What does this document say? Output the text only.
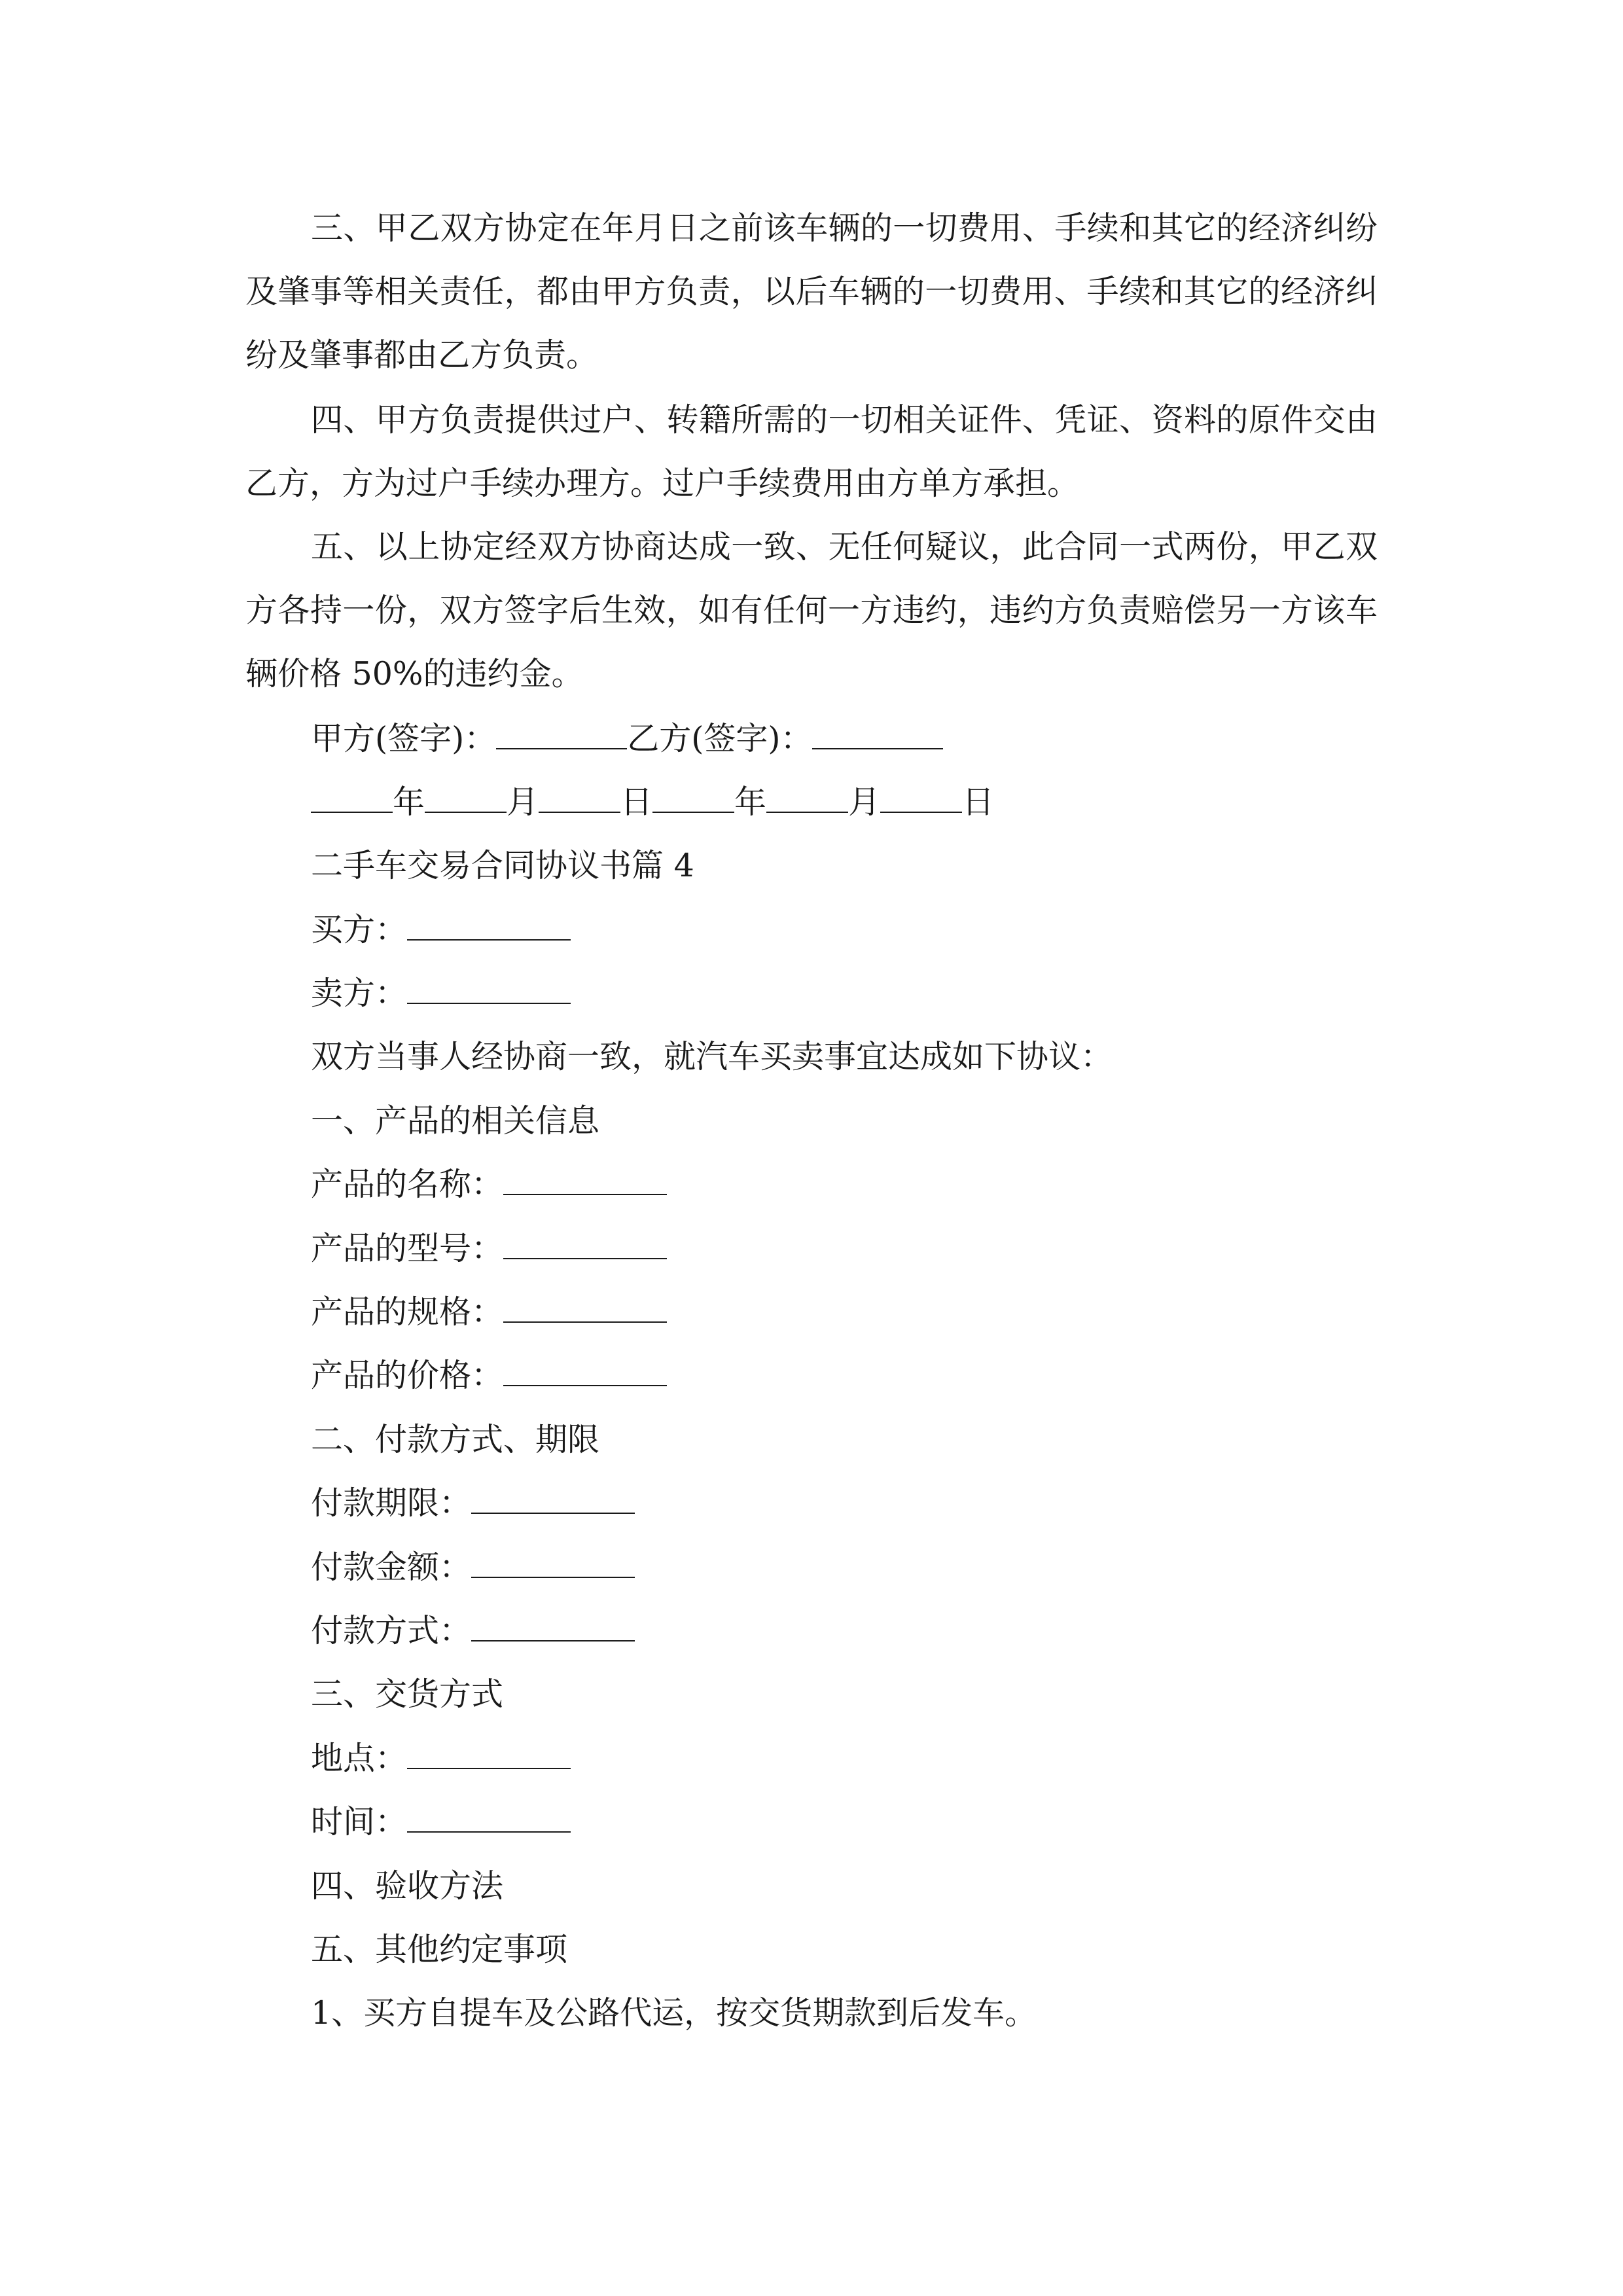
三、甲乙双方协定在年月日之前该车辆的一切费用、手续和其它的经济纠纷及肇事等相关责任，都由甲方负责，以后车辆的一切费用、手续和其它的经济纠纷及肇事都由乙方负责。

四、甲方负责提供过户、转籍所需的一切相关证件、凭证、资料的原件交由乙方，方为过户手续办理方。过户手续费用由方单方承担。

五、以上协定经双方协商达成一致、无任何疑议，此合同一式两份，甲乙双方各持一份，双方签字后生效，如有任何一方违约，违约方负责赔偿另一方该车辆价格 50%的违约金。

甲方(签字)：	乙方(签字)：

年	月	日	年	月	日

二手车交易合同协议书篇 4

买方：

卖方：

双方当事人经协商一致，就汽车买卖事宜达成如下协议：

一、产品的相关信息

产品的名称：

产品的型号：

产品的规格：

产品的价格：

二、付款方式、期限

付款期限：

付款金额：

付款方式：

三、交货方式

地点：

时间：

四、验收方法

五、其他约定事项

1、买方自提车及公路代运，按交货期款到后发车。
